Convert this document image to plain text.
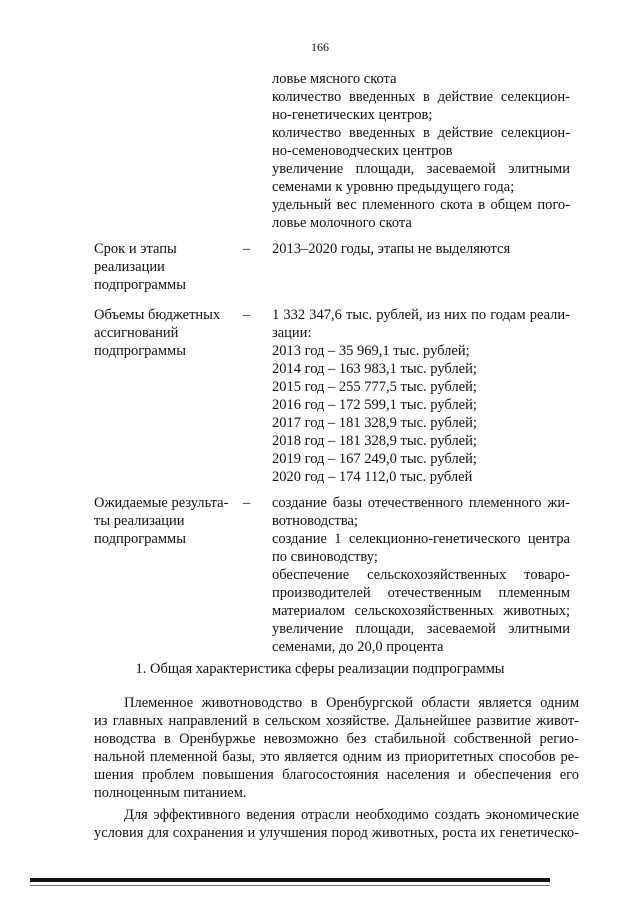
166
ловье мясного скота
количество введенных в действие селекцион-
но-генетических центров;
количество введенных в действие селекцион-
но-семеноводческих центров
увеличение площади, засеваемой элитными
семенами к уровню предыдущего года;
удельный вес племенного скота в общем пого-
ловье молочного скота
Срок и этапы
реализации
подпрограммы
– 2013–2020 годы, этапы не выделяются
Объемы бюджетных
ассигнований
подпрограммы
– 1 332 347,6 тыс. рублей, из них по годам реали-
зации:
2013 год – 35 969,1 тыс. рублей;
2014 год – 163 983,1 тыс. рублей;
2015 год – 255 777,5 тыс. рублей;
2016 год – 172 599,1 тыс. рублей;
2017 год – 181 328,9 тыс. рублей;
2018 год – 181 328,9 тыс. рублей;
2019 год – 167 249,0 тыс. рублей;
2020 год – 174 112,0 тыс. рублей
Ожидаемые результа-
ты реализации
подпрограммы
– создание базы отечественного племенного жи-
вотноводства;
создание 1 селекционно-генетического центра
по свиноводству;
обеспечение сельскохозяйственных товаро-
производителей отечественным племенным
материалом сельскохозяйственных животных;
увеличение площади, засеваемой элитными
семенами, до 20,0 процента
1. Общая характеристика сферы реализации подпрограммы
Племенное животноводство в Оренбургской области является одним
из главных направлений в сельском хозяйстве. Дальнейшее развитие живот-
новодства в Оренбуржье невозможно без стабильной собственной регио-
нальной племенной базы, это является одним из приоритетных способов ре-
шения проблем повышения благосостояния населения и обеспечения его
полноценным питанием.
Для эффективного ведения отрасли необходимо создать экономические
условия для сохранения и улучшения пород животных, роста их генетическо-
